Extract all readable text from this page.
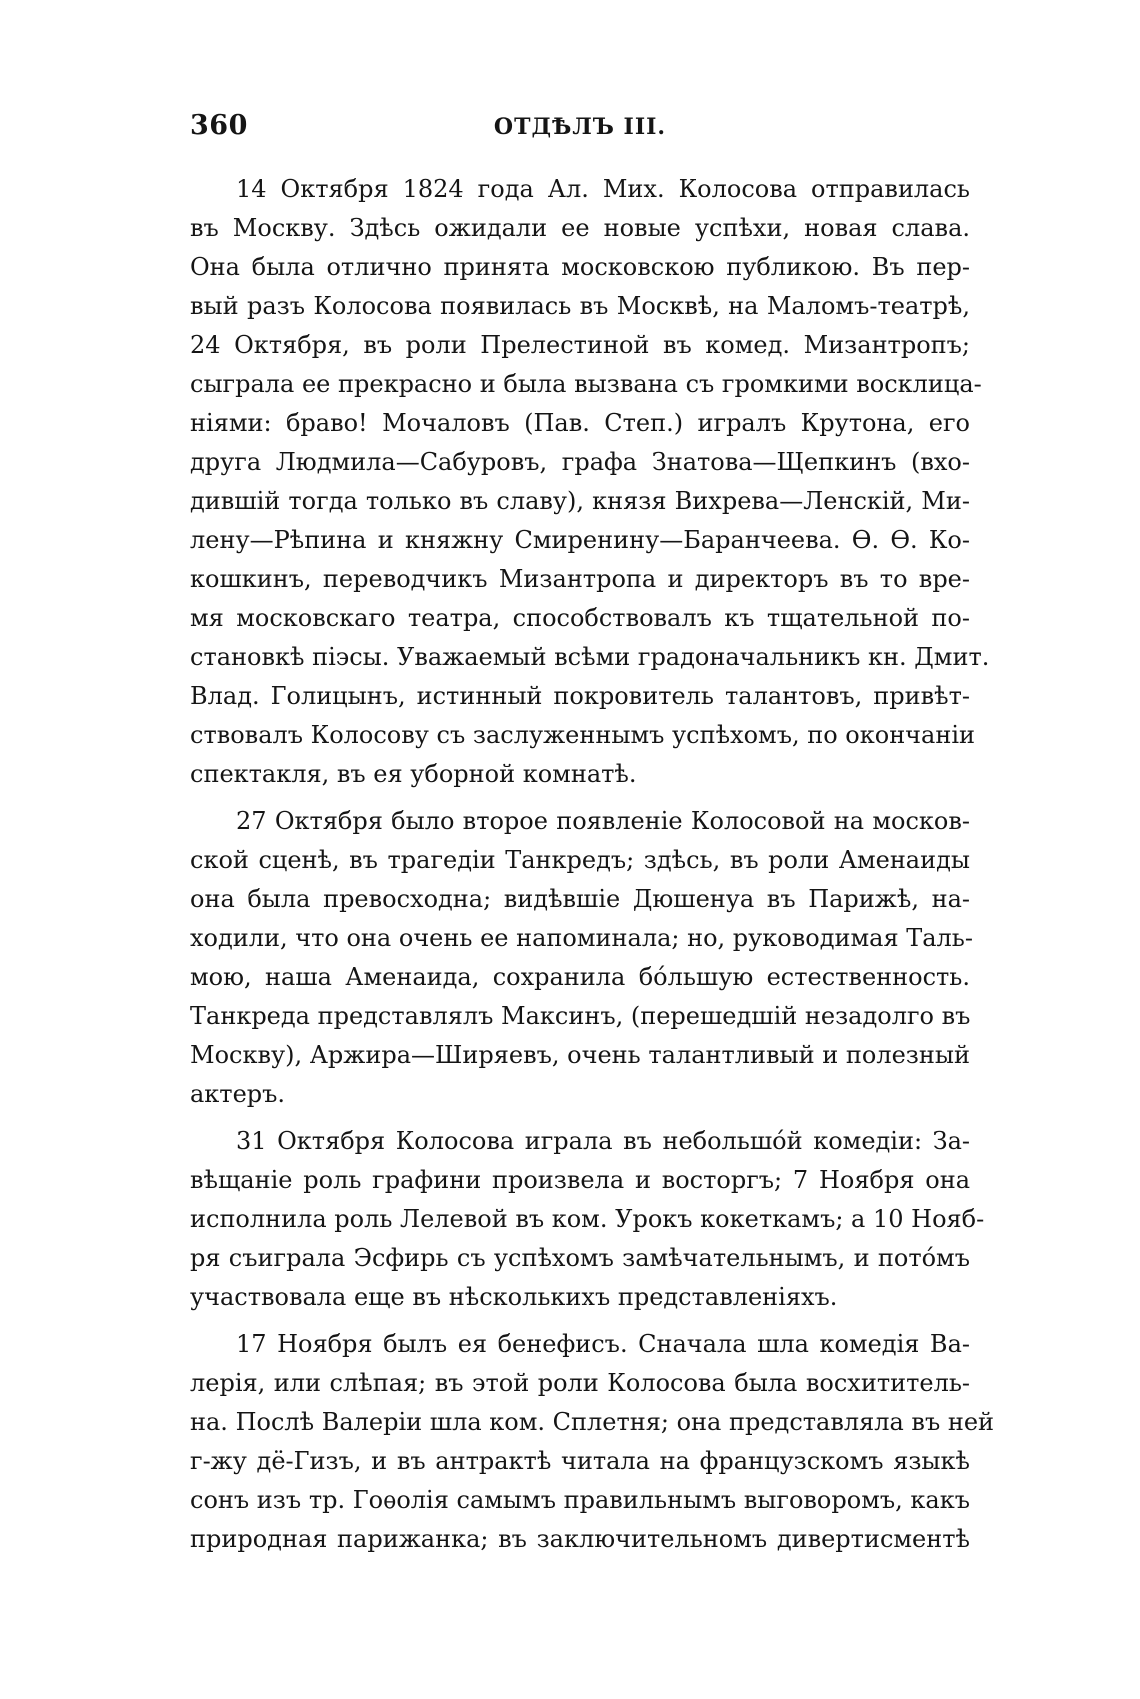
360	ОТДѢЛЪ III.
14 Октября 1824 года Ал. Мих. Колосова отправилась
въ Москву. Здѣсь ожидали ее новые успѣхи, новая слава.
Она была отлично принята московскою публикою. Въ пер-
вый разъ Колосова появилась въ Москвѣ, на Маломъ-театрѣ,
24 Октября, въ роли Прелестиной въ комед. Мизантропъ;
сыграла ее прекрасно и была вызвана съ громкими восклица-
ніями: браво! Мочаловъ (Пав. Степ.) игралъ Крутона, его
друга Людмила—Сабуровъ, графа Знатова—Щепкинъ (вхо-
дившій тогда только въ славу), князя Вихрева—Ленскій, Ми-
лену—Рѣпина и княжну Смиренину—Баранчеева. Ѳ. Ѳ. Ко-
кошкинъ, переводчикъ Мизантропа и директоръ въ то вре-
мя московскаго театра, способствовалъ къ тщательной по-
становкѣ піэсы. Уважаемый всѣми градоначальникъ кн. Дмит.
Влад. Голицынъ, истинный покровитель талантовъ, привѣт-
ствовалъ Колосову съ заслуженнымъ успѣхомъ, по окончаніи
спектакля, въ ея уборной комнатѣ.
27 Октября было второе появленіе Колосовой на москов-
ской сценѣ, въ трагедіи Танкредъ; здѣсь, въ роли Аменаиды
она была превосходна; видѣвшіе Дюшенуа въ Парижѣ, на-
ходили, что она очень ее напоминала; но, руководимая Таль-
мою, наша Аменаида, сохранила бо́льшую естественность.
Танкреда представлялъ Максинъ, (перешедшій незадолго въ
Москву), Аржира—Ширяевъ, очень талантливый и полезный
актеръ.
31 Октября Колосова играла въ небольшо́й комедіи: За-
вѣщаніе роль графини произвела и восторгъ; 7 Ноября она
исполнила роль Лелевой въ ком. Урокъ кокеткамъ; а 10 Нояб-
ря съиграла Эсфирь съ успѣхомъ замѣчательнымъ, и пото́мъ
участвовала еще въ нѣсколькихъ представленіяхъ.
17 Ноября былъ ея бенефисъ. Сначала шла комедія Ва-
лерія, или слѣпая; въ этой роли Колосова была восхититель-
на. Послѣ Валеріи шла ком. Сплетня; она представляла въ ней
г-жу дё-Гизъ, и въ антрактѣ читала на французскомъ языкѣ
сонъ изъ тр. Гоѳолія самымъ правильнымъ выговоромъ, какъ
природная парижанка; въ заключительномъ дивертисментѣ
